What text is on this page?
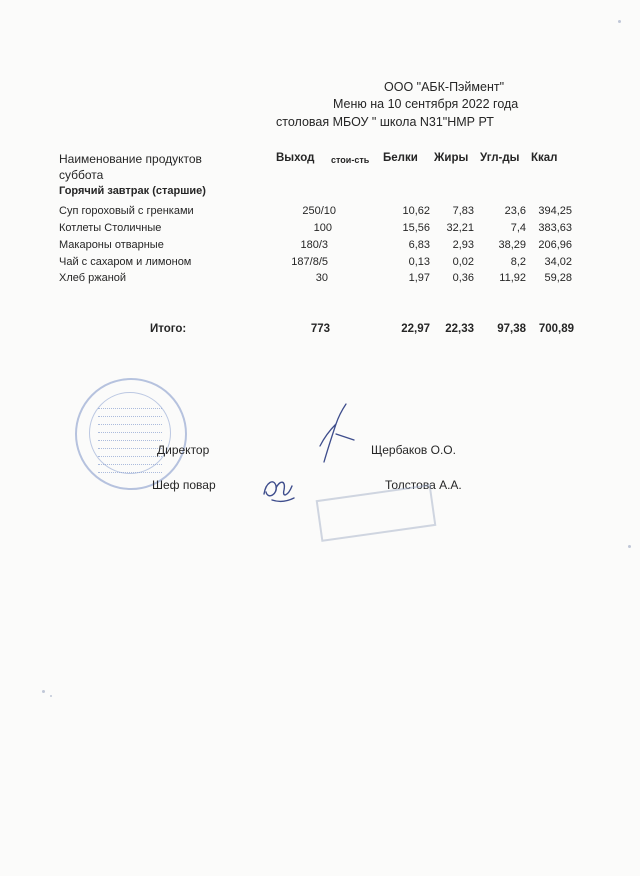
ООО "АБК-Пэймент"
Меню на 10 сентября 2022 года
столовая МБОУ " школа N31"НМР РТ
Наименование продуктов	Выход стои-сть Белки Жиры Угл-ды Ккал
суббота
Горячий завтрак (старшие)
Суп гороховый с гренками	250/10	10,62	7,83	23,6	394,25
Котлеты Столичные	100	15,56	32,21	7,4	383,63
Макароны отварные	180/3	6,83	2,93	38,29	206,96
Чай с сахаром и лимоном	187/8/5	0,13	0,02	8,2	34,02
Хлеб ржаной	30	1,97	0,36	11,92	59,28
Итого:	773	22,97	22,33	97,38	700,89
Директор	Щербаков О.О.
Шеф повар	Толстова А.А.
